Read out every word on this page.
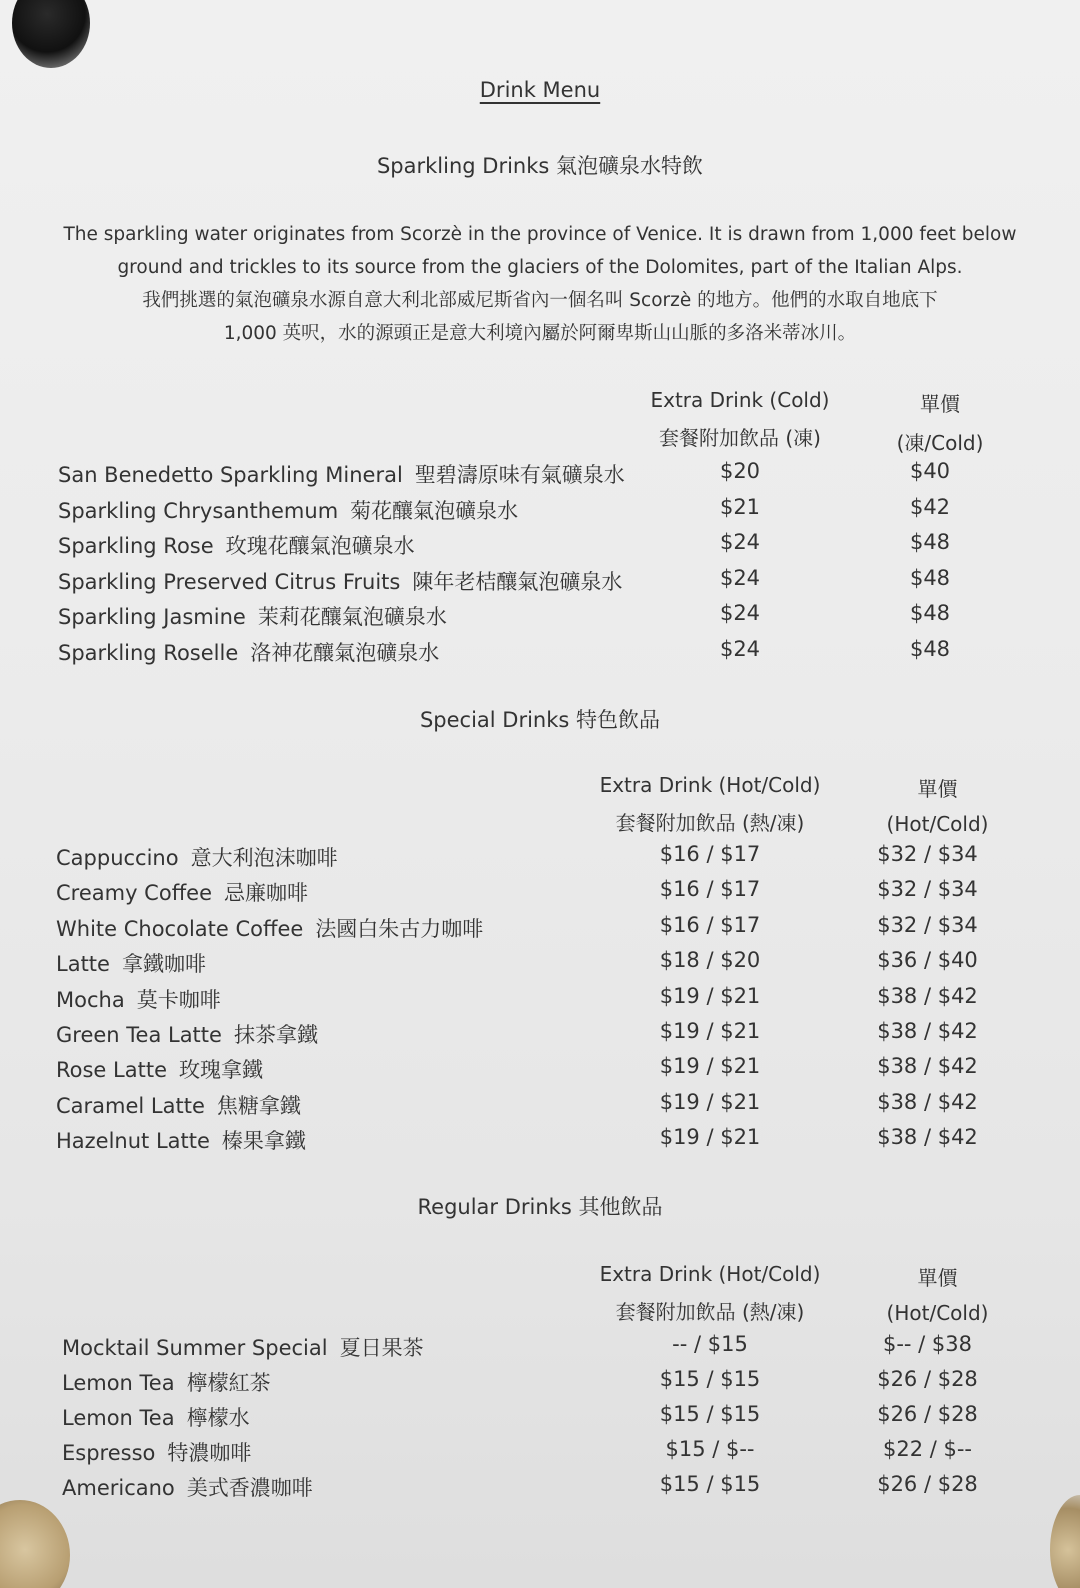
Drink Menu
Sparkling Drinks 氣泡礦泉水特飲
The sparkling water originates from Scorzè in the province of Venice. It is drawn from 1,000 feet below
ground and trickles to its source from the glaciers of the Dolomites, part of the Italian Alps.
我們挑選的氣泡礦泉水源自意大利北部威尼斯省內一個名叫 Scorzè 的地方。他們的水取自地底下
1,000 英呎，水的源頭正是意大利境內屬於阿爾卑斯山山脈的多洛米蒂冰川。
Extra Drink (Cold)
套餐附加飲品 (凍)
單價
(凍/Cold)
San Benedetto Sparkling Mineral 聖碧濤原味有氣礦泉水	$20	$40
Sparkling Chrysanthemum 菊花釀氣泡礦泉水	$21	$42
Sparkling Rose 玫瑰花釀氣泡礦泉水	$24	$48
Sparkling Preserved Citrus Fruits 陳年老桔釀氣泡礦泉水	$24	$48
Sparkling Jasmine 茉莉花釀氣泡礦泉水	$24	$48
Sparkling Roselle 洛神花釀氣泡礦泉水	$24	$48
Special Drinks 特色飲品
Extra Drink (Hot/Cold)
套餐附加飲品 (熱/凍)
單價
(Hot/Cold)
Cappuccino 意大利泡沫咖啡	$16 / $17	$32 / $34
Creamy Coffee 忌廉咖啡	$16 / $17	$32 / $34
White Chocolate Coffee 法國白朱古力咖啡	$16 / $17	$32 / $34
Latte 拿鐵咖啡	$18 / $20	$36 / $40
Mocha 莫卡咖啡	$19 / $21	$38 / $42
Green Tea Latte 抹茶拿鐵	$19 / $21	$38 / $42
Rose Latte 玫瑰拿鐵	$19 / $21	$38 / $42
Caramel Latte 焦糖拿鐵	$19 / $21	$38 / $42
Hazelnut Latte 榛果拿鐵	$19 / $21	$38 / $42
Regular Drinks 其他飲品
Extra Drink (Hot/Cold)
套餐附加飲品 (熱/凍)
單價
(Hot/Cold)
Mocktail Summer Special 夏日果茶	-- / $15	$-- / $38
Lemon Tea 檸檬紅茶	$15 / $15	$26 / $28
Lemon Tea 檸檬水	$15 / $15	$26 / $28
Espresso 特濃咖啡	$15 / $--	$22 / $--
Americano 美式香濃咖啡	$15 / $15	$26 / $28
